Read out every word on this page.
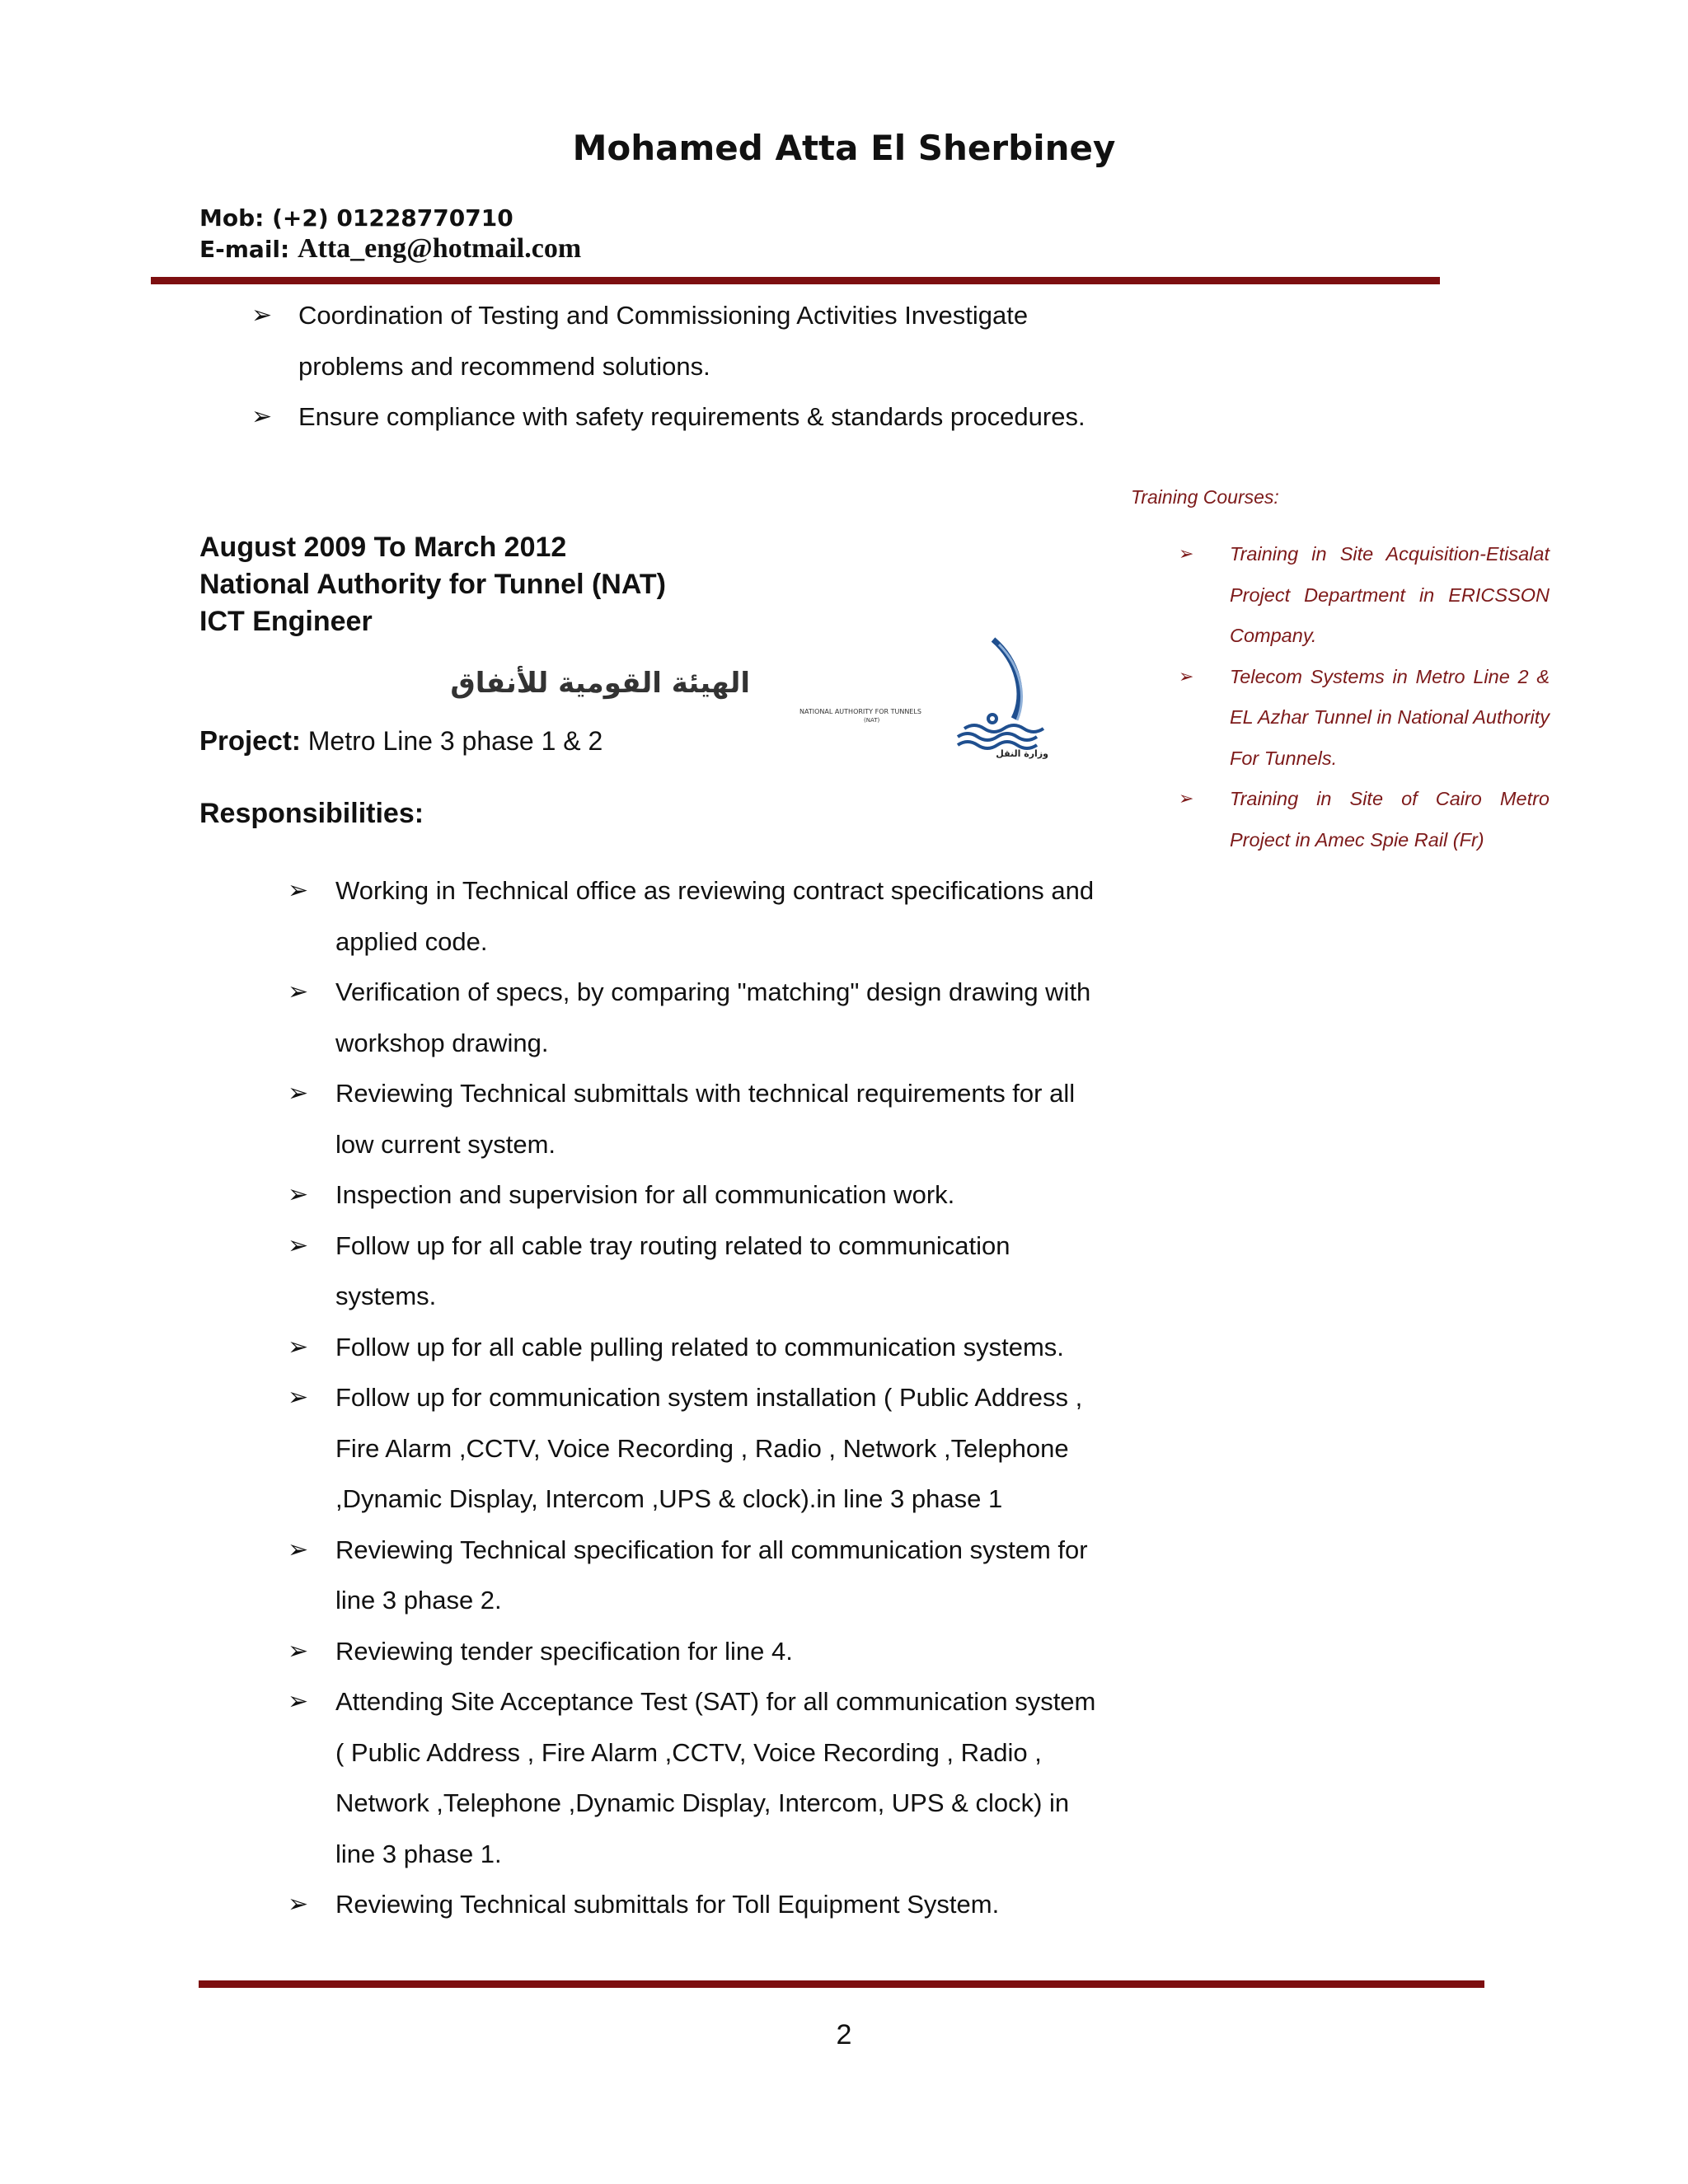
Mohamed Atta El Sherbiney
Mob: (+2) 01228770710
E-mail: Atta_eng@hotmail.com
➢ Coordination of Testing and Commissioning Activities Investigate problems and recommend solutions.
➢ Ensure compliance with safety requirements & standards procedures.
August 2009 To March 2012
National Authority for Tunnel (NAT)
ICT Engineer
الهيئة القومية للأنفاق
NATIONAL AUTHORITY FOR TUNNELS
(NAT)
وزارة النقل
Project: Metro Line 3 phase 1 & 2
Responsibilities:
➢ Working in Technical office as reviewing contract specifications and applied code.
➢ Verification of specs, by comparing "matching" design drawing with workshop drawing.
➢ Reviewing Technical submittals with technical requirements for all low current system.
➢ Inspection and supervision for all communication work.
➢ Follow up for all cable tray routing related to communication systems.
➢ Follow up for all cable pulling related to communication systems.
➢ Follow up for communication system installation ( Public Address , Fire Alarm ,CCTV, Voice Recording , Radio , Network ,Telephone ,Dynamic Display, Intercom ,UPS & clock).in line 3 phase 1
➢ Reviewing Technical specification for all communication system for line 3 phase 2.
➢ Reviewing tender specification for line 4.
➢ Attending Site Acceptance Test (SAT) for all communication system ( Public Address , Fire Alarm ,CCTV, Voice Recording , Radio , Network ,Telephone ,Dynamic Display, Intercom, UPS & clock) in line 3 phase 1.
➢ Reviewing Technical submittals for Toll Equipment System.
Training Courses:
➢ Training in Site Acquisition-Etisalat Project Department in ERICSSON Company.
➢ Telecom Systems in Metro Line 2 & EL Azhar Tunnel in National Authority For Tunnels.
➢ Training in Site of Cairo Metro Project in Amec Spie Rail (Fr)
2
